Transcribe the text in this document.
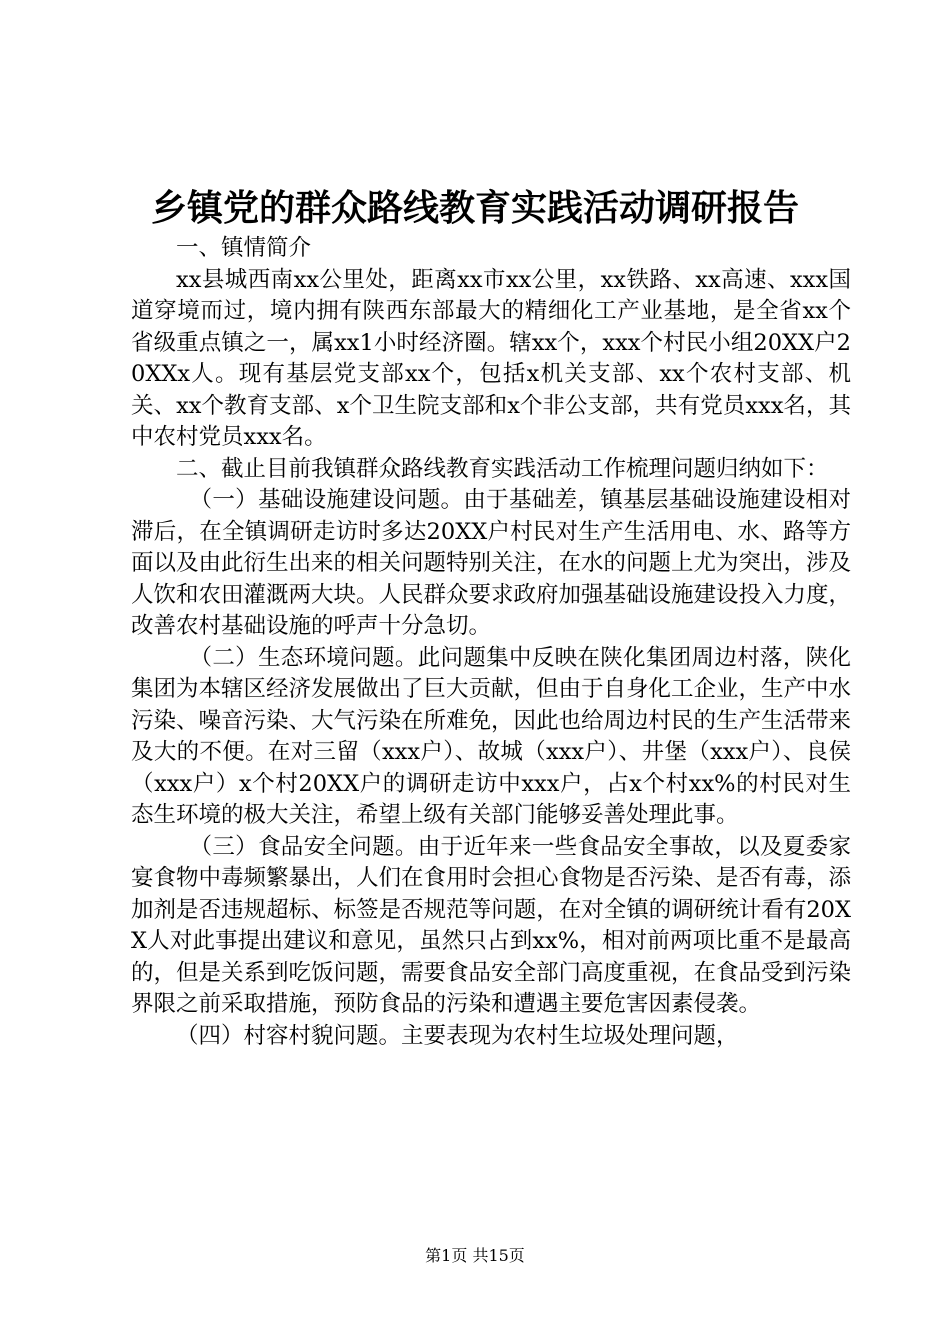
乡镇党的群众路线教育实践活动调研报告

一、镇情简介

xx县城西南xx公里处，距离xx市xx公里，xx铁路、xx高速、xxx国道穿境而过，境内拥有陕西东部最大的精细化工产业基地，是全省xx个省级重点镇之一，属xx1小时经济圈。辖xx个，xxx个村民小组20XX户20XXx人。现有基层党支部xx个，包括x机关支部、xx个农村支部、机关、xx个教育支部、x个卫生院支部和x个非公支部，共有党员xxx名，其中农村党员xxx名。

二、截止目前我镇群众路线教育实践活动工作梳理问题归纳如下：

（一）基础设施建设问题。由于基础差，镇基层基础设施建设相对滞后，在全镇调研走访时多达20XX户村民对生产生活用电、水、路等方面以及由此衍生出来的相关问题特别关注，在水的问题上尤为突出，涉及人饮和农田灌溉两大块。人民群众要求政府加强基础设施建设投入力度，改善农村基础设施的呼声十分急切。

（二）生态环境问题。此问题集中反映在陕化集团周边村落，陕化集团为本辖区经济发展做出了巨大贡献，但由于自身化工企业，生产中水污染、噪音污染、大气污染在所难免，因此也给周边村民的生产生活带来及大的不便。在对三留（xxx户）、故城（xxx户）、井堡（xxx户）、良侯（xxx户）x个村20XX户的调研走访中xxx户，占x个村xx%的村民对生态生环境的极大关注，希望上级有关部门能够妥善处理此事。

（三）食品安全问题。由于近年来一些食品安全事故，以及夏委家宴食物中毒频繁暴出，人们在食用时会担心食物是否污染、是否有毒，添加剂是否违规超标、标签是否规范等问题，在对全镇的调研统计看有20XX人对此事提出建议和意见，虽然只占到xx%，相对前两项比重不是最高的，但是关系到吃饭问题，需要食品安全部门高度重视，在食品受到污染界限之前采取措施，预防食品的污染和遭遇主要危害因素侵袭。

（四）村容村貌问题。主要表现为农村生垃圾处理问题，

第1页 共15页
